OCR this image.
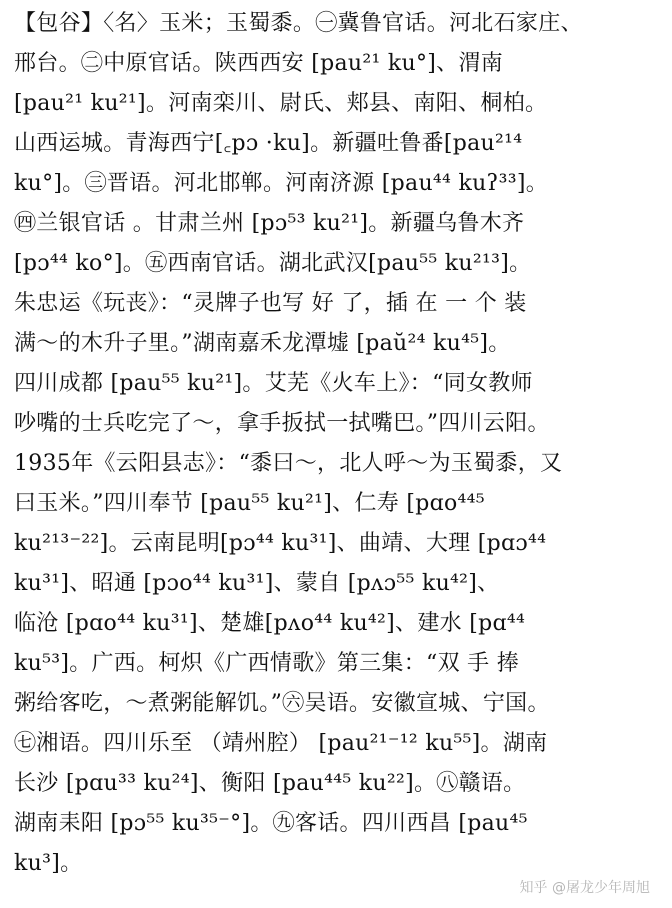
【包谷】〈名〉玉米；玉蜀黍。㊀冀鲁官话。河北石家庄、
邢台。㊁中原官话。陕西西安 [pau²¹ ku°]、渭南
[pau²¹ ku²¹]。河南栾川、尉氏、郏县、南阳、桐柏。
山西运城。青海西宁[꜀pɔ ·ku]。新疆吐鲁番[pau²¹⁴
ku°]。㊂晋语。河北邯郸。河南济源 [pau⁴⁴ kuʔ³³]。
㊃兰银官话 。甘肃兰州 [pɔ⁵³ ku²¹]。新疆乌鲁木齐
[pɔ⁴⁴ ko°]。㊄西南官话。湖北武汉[pau⁵⁵ ku²¹³]。
朱忠运《玩丧》：“灵牌子也写 好 了，插 在 一 个 装
满～的木升子里。”湖南嘉禾龙潭墟 [paŭ²⁴ ku⁴⁵]。
四川成都 [pau⁵⁵ ku²¹]。艾芜《火车上》：“同女教师
吵嘴的士兵吃完了～，拿手扳拭一拭嘴巴。”四川云阳。
1935年《云阳县志》：“黍曰～，北人呼～为玉蜀黍，又
曰玉米。”四川奉节 [pau⁵⁵ ku²¹]、仁寿 [pɑo⁴⁴⁵
ku²¹³⁻²²]。云南昆明[pɔ⁴⁴ ku³¹]、曲靖、大理 [pɑɔ⁴⁴
ku³¹]、昭通 [pɔo⁴⁴ ku³¹]、蒙自 [pʌɔ⁵⁵ ku⁴²]、
临沧 [pɑo⁴⁴ ku³¹]、楚雄[pʌo⁴⁴ ku⁴²]、建水 [pɑ⁴⁴
ku⁵³]。广西。柯炽《广西情歌》第三集：“双 手 捧
粥给客吃，～煮粥能解饥。”㊅吴语。安徽宣城、宁国。
㊆湘语。四川乐至 （靖州腔） [pau²¹⁻¹² ku⁵⁵]。湖南
长沙 [pɑu³³ ku²⁴]、衡阳 [pau⁴⁴⁵ ku²²]。㊇赣语。
湖南耒阳 [pɔ⁵⁵ ku³⁵⁻°]。㊈客话。四川西昌 [pau⁴⁵
ku³]。
知乎 @屠龙少年周旭
